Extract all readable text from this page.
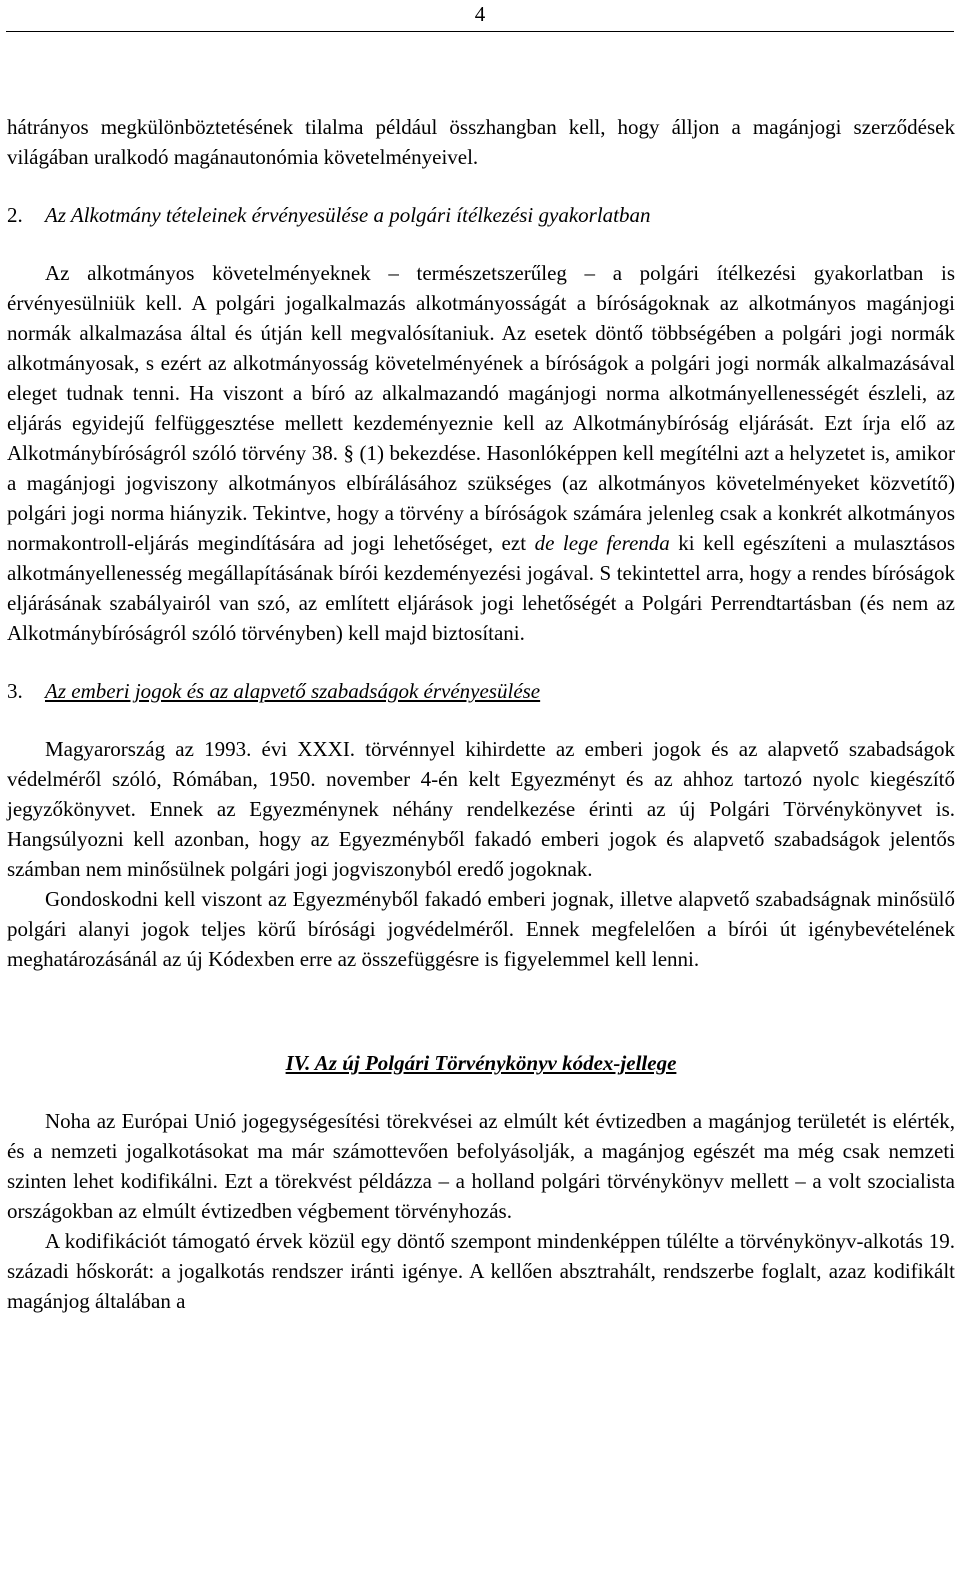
4

hátrányos megkülönböztetésének tilalma például összhangban kell, hogy álljon a magánjogi szerződések világában uralkodó magánautonómia követelményeivel.

2. Az Alkotmány tételeinek érvényesülése a polgári ítélkezési gyakorlatban

Az alkotmányos követelményeknek – természetszerűleg – a polgári ítélkezési gyakorlatban is érvényesülniük kell. A polgári jogalkalmazás alkotmányosságát a bíróságoknak az alkotmányos magánjogi normák alkalmazása által és útján kell megvalósítaniuk. Az esetek döntő többségében a polgári jogi normák alkotmányosak, s ezért az alkotmányosság követelményének a bíróságok a polgári jogi normák alkalmazásával eleget tudnak tenni. Ha viszont a bíró az alkalmazandó magánjogi norma alkotmányellenességét észleli, az eljárás egyidejű felfüggesztése mellett kezdeményeznie kell az Alkotmánybíróság eljárását. Ezt írja elő az Alkotmánybíróságról szóló törvény 38. § (1) bekezdése. Hasonlóképpen kell megítélni azt a helyzetet is, amikor a magánjogi jogviszony alkotmányos elbírálásához szükséges (az alkotmányos követelményeket közvetítő) polgári jogi norma hiányzik. Tekintve, hogy a törvény a bíróságok számára jelenleg csak a konkrét alkotmányos normakontroll-eljárás megindítására ad jogi lehetőséget, ezt de lege ferenda ki kell egészíteni a mulasztásos alkotmányellenesség megállapításának bírói kezdeményezési jogával. S tekintettel arra, hogy a rendes bíróságok eljárásának szabályairól van szó, az említett eljárások jogi lehetőségét a Polgári Perrendtartásban (és nem az Alkotmánybíróságról szóló törvényben) kell majd biztosítani.

3. Az emberi jogok és az alapvető szabadságok érvényesülése

Magyarország az 1993. évi XXXI. törvénnyel kihirdette az emberi jogok és az alapvető szabadságok védelméről szóló, Rómában, 1950. november 4-én kelt Egyezményt és az ahhoz tartozó nyolc kiegészítő jegyzőkönyvet. Ennek az Egyezménynek néhány rendelkezése érinti az új Polgári Törvénykönyvet is. Hangsúlyozni kell azonban, hogy az Egyezményből fakadó emberi jogok és alapvető szabadságok jelentős számban nem minősülnek polgári jogi jogviszonyból eredő jogoknak.

Gondoskodni kell viszont az Egyezményből fakadó emberi jognak, illetve alapvető szabadságnak minősülő polgári alanyi jogok teljes körű bírósági jogvédelméről. Ennek megfelelően a bírói út igénybevételének meghatározásánál az új Kódexben erre az összefüggésre is figyelemmel kell lenni.

IV. Az új Polgári Törvénykönyv kódex-jellege

Noha az Európai Unió jogegységesítési törekvései az elmúlt két évtizedben a magánjog területét is elérték, és a nemzeti jogalkotásokat ma már számottevően befolyásolják, a magánjog egészét ma még csak nemzeti szinten lehet kodifikálni. Ezt a törekvést példázza – a holland polgári törvénykönyv mellett – a volt szocialista országokban az elmúlt évtizedben végbement törvényhozás.

A kodifikációt támogató érvek közül egy döntő szempont mindenképpen túlélte a törvénykönyv-alkotás 19. századi hőskorát: a jogalkotás rendszer iránti igénye. A kellően absztrahált, rendszerbe foglalt, azaz kodifikált magánjog általában a
